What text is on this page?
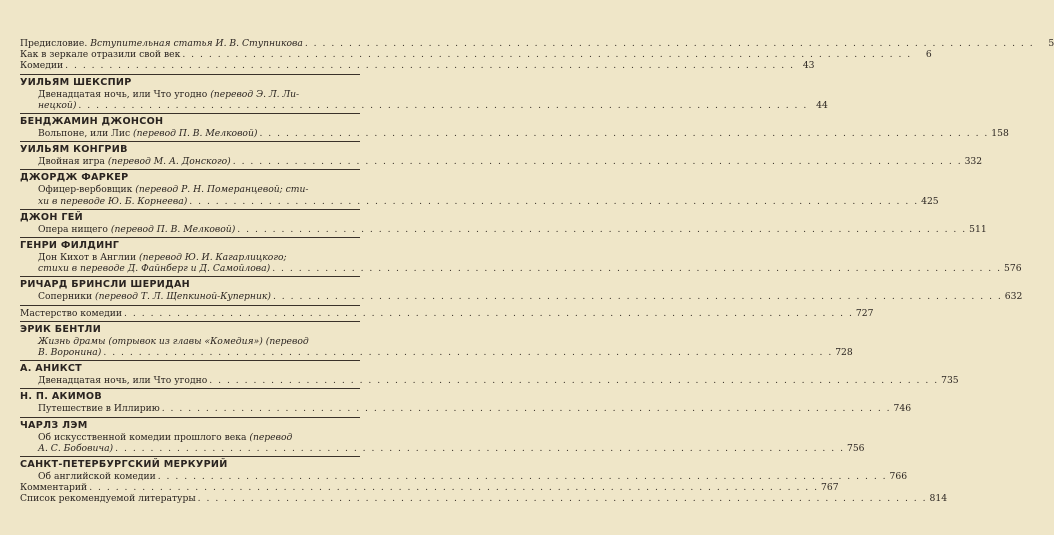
Предисловие. Вступительная статья И. В. Ступникова . . .	5
Как в зеркале отразили свой век . . .	6
Комедии . . .	43
УИЛЬЯМ ШЕКСПИР
Двенадцатая ночь, или Что угодно (перевод Э. Л. Ли-
нецкой) . . .	44
БЕНДЖАМИН ДЖОНСОН
Вольпоне, или Лис (перевод П. В. Мелковой) . . .	158
УИЛЬЯМ КОНГРИВ
Двойная игра (перевод М. А. Донского) . . .	332
ДЖОРДЖ ФАРКЕР
Офицер-вербовщик (перевод Р. Н. Померанцевой; сти-
хи в переводе Ю. Б. Корнеева) . . .	425
ДЖОН ГЕЙ
Опера нищего (перевод П. В. Мелковой) . . .	511
ГЕНРИ ФИЛДИНГ
Дон Кихот в Англии (перевод Ю. И. Кагарлицкого;
стихи в переводе Д. Файнберг и Д. Самойлова) . . .	576
РИЧАРД БРИНСЛИ ШЕРИДАН
Соперники (перевод Т. Л. Щепкиной-Куперник) . . .	632
Мастерство комедии . . .	727
ЭРИК БЕНТЛИ
Жизнь драмы (отрывок из главы «Комедия») (перевод
В. Воронина) . . .	728
А. АНИКСТ
Двенадцатая ночь, или Что угодно . . .	735
Н. П. АКИМОВ
Путешествие в Иллирию . . .	746
ЧАРЛЗ ЛЭМ
Об искусственной комедии прошлого века (перевод
А. С. Бобовича) . . .	756
САНКТ-ПЕТЕРБУРГСКИЙ МЕРКУРИЙ
Об английской комедии . . .	766
Комментарий . . .	767
Список рекомендуемой литературы . . .	814
